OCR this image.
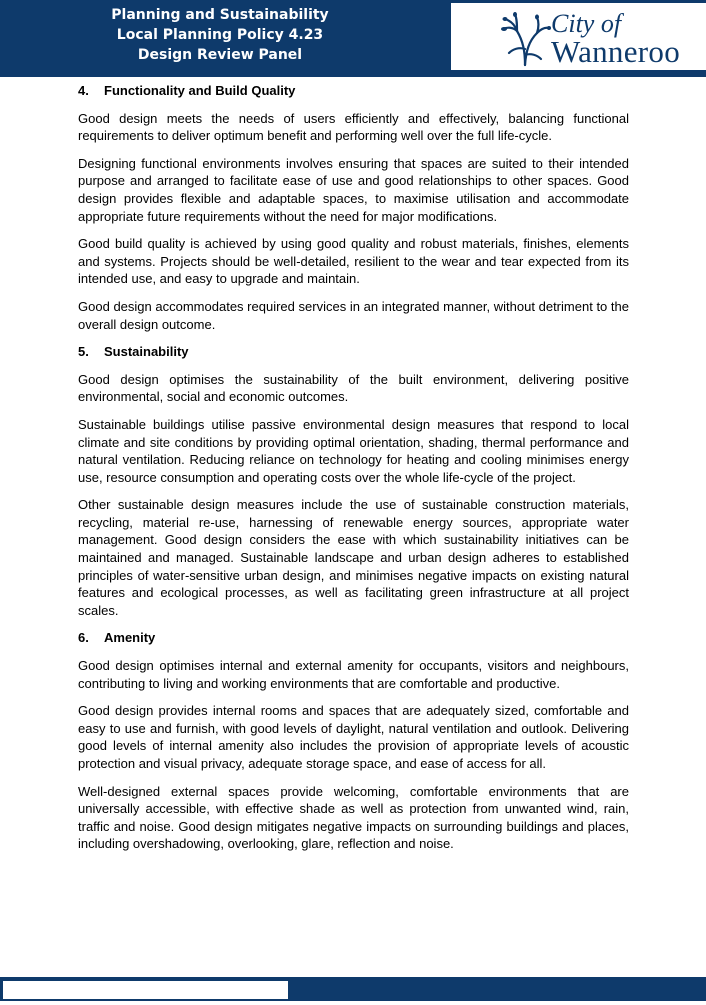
Planning and Sustainability
Local Planning Policy 4.23
Design Review Panel
City of
Wanneroo
4. Functionality and Build Quality

Good design meets the needs of users efficiently and effectively, balancing functional requirements to deliver optimum benefit and performing well over the full life-cycle.

Designing functional environments involves ensuring that spaces are suited to their intended purpose and arranged to facilitate ease of use and good relationships to other spaces. Good design provides flexible and adaptable spaces, to maximise utilisation and accommodate appropriate future requirements without the need for major modifications.

Good build quality is achieved by using good quality and robust materials, finishes, elements and systems. Projects should be well-detailed, resilient to the wear and tear expected from its intended use, and easy to upgrade and maintain.

Good design accommodates required services in an integrated manner, without detriment to the overall design outcome.

5. Sustainability

Good design optimises the sustainability of the built environment, delivering positive environmental, social and economic outcomes.

Sustainable buildings utilise passive environmental design measures that respond to local climate and site conditions by providing optimal orientation, shading, thermal performance and natural ventilation. Reducing reliance on technology for heating and cooling minimises energy use, resource consumption and operating costs over the whole life-cycle of the project.

Other sustainable design measures include the use of sustainable construction materials, recycling, material re-use, harnessing of renewable energy sources, appropriate water management. Good design considers the ease with which sustainability initiatives can be maintained and managed. Sustainable landscape and urban design adheres to established principles of water-sensitive urban design, and minimises negative impacts on existing natural features and ecological processes, as well as facilitating green infrastructure at all project scales.

6. Amenity

Good design optimises internal and external amenity for occupants, visitors and neighbours, contributing to living and working environments that are comfortable and productive.

Good design provides internal rooms and spaces that are adequately sized, comfortable and easy to use and furnish, with good levels of daylight, natural ventilation and outlook. Delivering good levels of internal amenity also includes the provision of appropriate levels of acoustic protection and visual privacy, adequate storage space, and ease of access for all.

Well-designed external spaces provide welcoming, comfortable environments that are universally accessible, with effective shade as well as protection from unwanted wind, rain, traffic and noise. Good design mitigates negative impacts on surrounding buildings and places, including overshadowing, overlooking, glare, reflection and noise.
